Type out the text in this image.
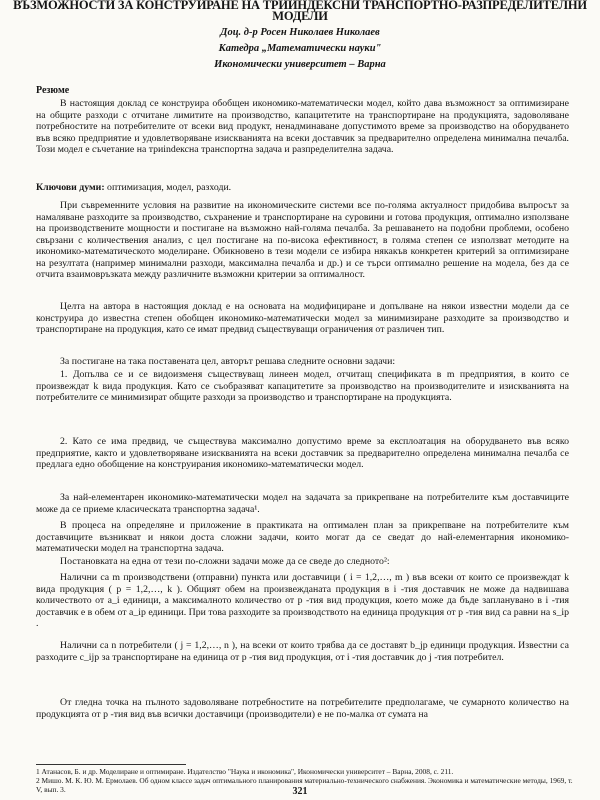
ВЪЗМОЖНОСТИ ЗА КОНСТРУИРАНЕ НА ТРИИНДЕКСНИ ТРАНСПОРТНО-РАЗПРЕДЕЛИТЕЛНИ МОДЕЛИ
Доц. д-р Росен Николаев Николаев
Катедра „Математически науки"
Икономически университет – Варна
Резюме
В настоящия доклад се конструира обобщен икономико-математически модел, който дава възможност за оптимизиране на общите разходи с отчитане лимитите на производство, капацитетите на транспортиране на продукцията, задоволяване потребностите на потребителите от всеки вид продукт, ненадминаване допустимото време за производство на оборудването във всяко предприятие и удовлетворяване изискванията на всеки доставчик за предварително определена минимална печалба. Този модел е съчетание на триindeксна транспортна задача и разпределителна задача.
Ключови думи: оптимизация, модел, разходи.
При съвременните условия на развитие на икономическите системи все по-голяма актуалност придобива въпросът за намаляване разходите за производство, съхранение и транспортиране на суровини и готова продукция, оптимално използване на производствените мощности и постигане на възможно най-голяма печалба. За решаването на подобни проблеми, особено свързани с количествения анализ, с цел постигане на по-висока ефективност, в голяма степен се използват методите на икономико-математическото моделиране. Обикновено в тези модели се избира някакъв конкретен критерий за оптимизиране на резултата (например минимални разходи, максимална печалба и др.) и се търси оптимално решение на модела, без да се отчита взаимовръзката между различните възможни критерии за оптималност.
Целта на автора в настоящия доклад е на основата на модифициране и допълване на някои известни модели да се конструира до известна степен обобщен икономико-математически модел за минимизиране разходите за производство и транспортиране на продукция, като се имат предвид съществуващи ограничения от различен тип.
За постигане на така поставената цел, авторът решава следните основни задачи:
1. Допълва се и се видоизменя съществуващ линеен модел, отчитащ спецификата в m предприятия, в които се произвеждат k вида продукция. Като се съобразяват капацитетите за производство на производителите и изискванията на потребителите се минимизират общите разходи за производство и транспортиране на продукцията.
2. Като се има предвид, че съществува максимално допустимо време за експлоатация на оборудването във всяко предприятие, както и удовлетворяване изискванията на всеки доставчик за предварително определена минимална печалба се предлага едно обобщение на конструирания икономико-математически модел.
За най-елементарен икономико-математически модел на задачата за прикрепване на потребителите към доставчиците може да се приеме класическата транспортна задача¹.
В процеса на определяне и приложение в практиката на оптимален план за прикрепване на потребителите към доставчиците възникват и някои доста сложни задачи, които могат да се сведат до най-елементарния икономико-математически модел на транспортна задача.
Постановката на една от тези по-сложни задачи може да се сведе до следното²:
Налични са m производствени (отправни) пункта или доставчици ( i = 1,2,…, m ) във всеки от които се произвеждат k вида продукция ( p = 1,2,…, k ). Общият обем на произвежданата продукция в i -тия доставчик не може да надвишава количеството от a_i единици, а максималното количество от p -тия вид продукция, което може да бъде запланувано в i -тия доставчик е в обем от a_ip единици. При това разходите за производството на единица продукция от p -тия вид са равни на s_ip .
Налични са n потребители ( j = 1,2,…, n ), на всеки от които трябва да се доставят b_jp единици продукция. Известни са разходите c_ijp за транспортиране на единица от p -тия вид продукция, от i -тия доставчик до j -тия потребител.
От гледна точка на пълното задоволяване потребностите на потребителите предполагаме, че сумарното количество на продукцията от p -тия вид във всички доставчици (производители) е не по-малка от сумата на
1 Атанасов, Б. и др. Моделиране и оптимиране. Издателство "Наука и икономика", Икономически университет – Варна, 2008, с. 211.
2 Мишо. М. К. Ю. М. Ермолаев. Об одном классе задач оптимального планирования материально-технического снабжения. Экономика и математические методы, 1969, т. V, вып. 3.	321
